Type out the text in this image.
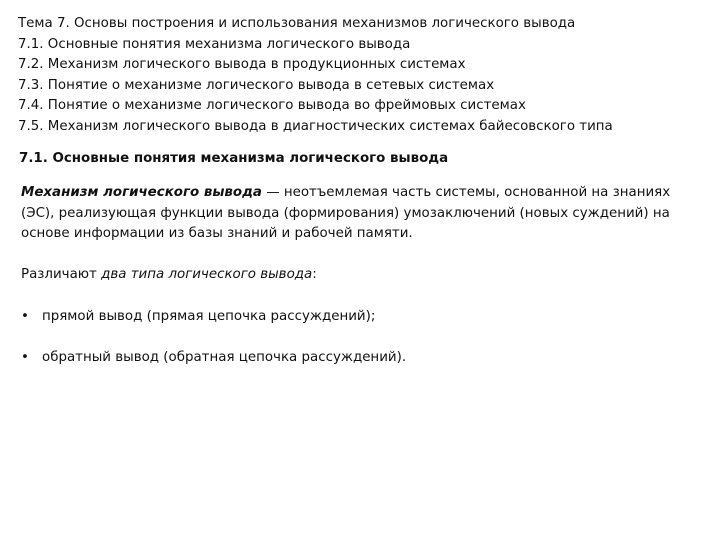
Тема 7. Основы построения и использования механизмов логического вывода
7.1. Основные понятия механизма логического вывода
7.2. Механизм логического вывода в продукционных системах
7.3. Понятие о механизме логического вывода в сетевых системах
7.4. Понятие о механизме логического вывода во фреймовых системах
7.5. Механизм логического вывода в диагностических системах байесовского типа
7.1. Основные понятия механизма логического вывода

Механизм логического вывода — неотъемлемая часть системы, основанной на знаниях (ЭС), реализующая функции вывода (формирования) умозаключений (новых суждений) на основе информации из базы знаний и рабочей памяти.

Различают два типа логического вывода:

• прямой вывод (прямая цепочка рассуждений);

• обратный вывод (обратная цепочка рассуждений).
